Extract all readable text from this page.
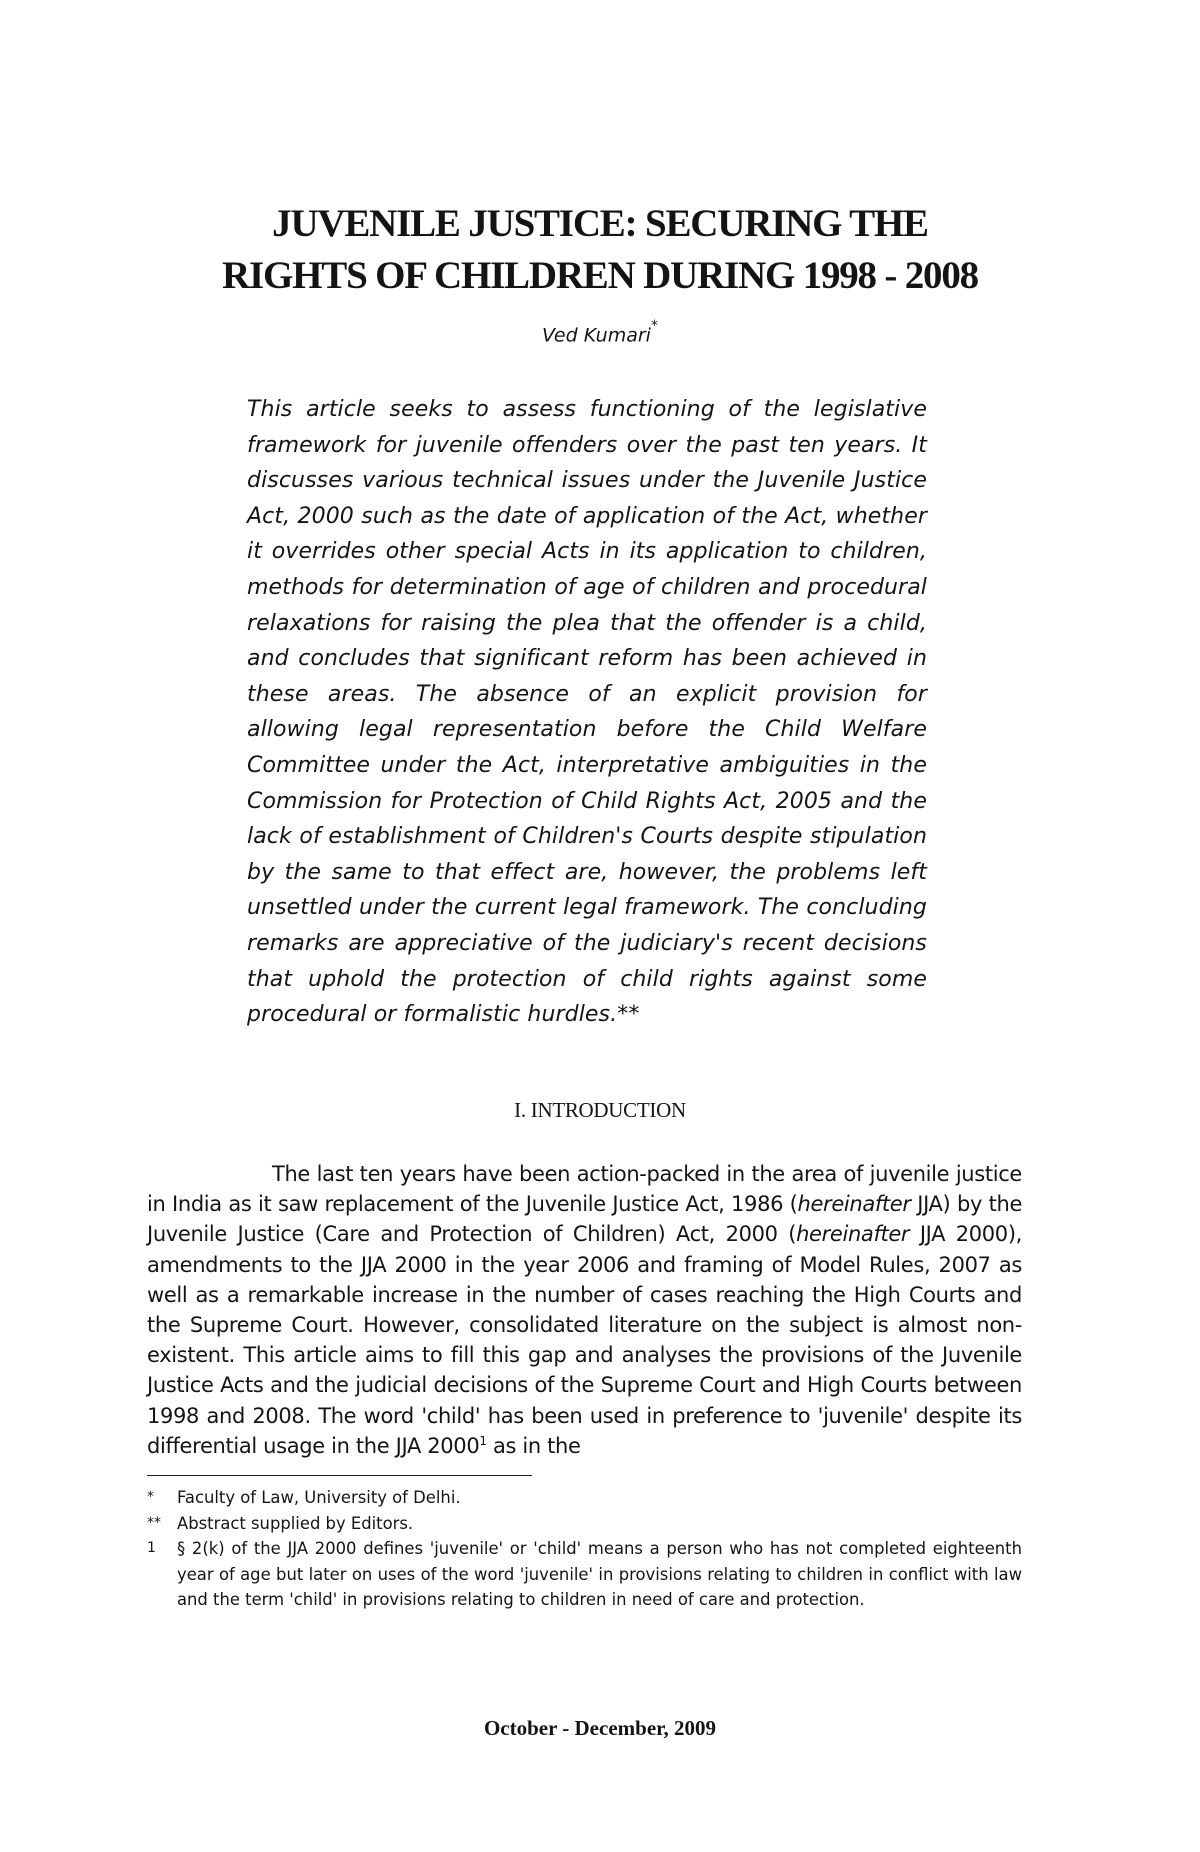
JUVENILE JUSTICE: SECURING THE
RIGHTS OF CHILDREN DURING 1998 - 2008
Ved Kumari*

This article seeks to assess functioning of the legislative framework for juvenile offenders over the past ten years. It discusses various technical issues under the Juvenile Justice Act, 2000 such as the date of application of the Act, whether it overrides other special Acts in its application to children, methods for determination of age of children and procedural relaxations for raising the plea that the offender is a child, and concludes that significant reform has been achieved in these areas. The absence of an explicit provision for allowing legal representation before the Child Welfare Committee under the Act, interpretative ambiguities in the Commission for Protection of Child Rights Act, 2005 and the lack of establishment of Children's Courts despite stipulation by the same to that effect are, however, the problems left unsettled under the current legal framework. The concluding remarks are appreciative of the judiciary's recent decisions that uphold the protection of child rights against some procedural or formalistic hurdles.**

I. INTRODUCTION

The last ten years have been action-packed in the area of juvenile justice in India as it saw replacement of the Juvenile Justice Act, 1986 (hereinafter JJA) by the Juvenile Justice (Care and Protection of Children) Act, 2000 (hereinafter JJA 2000), amendments to the JJA 2000 in the year 2006 and framing of Model Rules, 2007 as well as a remarkable increase in the number of cases reaching the High Courts and the Supreme Court. However, consolidated literature on the subject is almost non-existent. This article aims to fill this gap and analyses the provisions of the Juvenile Justice Acts and the judicial decisions of the Supreme Court and High Courts between 1998 and 2008. The word 'child' has been used in preference to 'juvenile' despite its differential usage in the JJA 2000$^1$ as in the

*	Faculty of Law, University of Delhi.
** Abstract supplied by Editors.
1	§ 2(k) of the JJA 2000 defines 'juvenile' or 'child' means a person who has not completed eighteenth year of age but later on uses of the word 'juvenile' in provisions relating to children in conflict with law and the term 'child' in provisions relating to children in need of care and protection.
October - December, 2009
